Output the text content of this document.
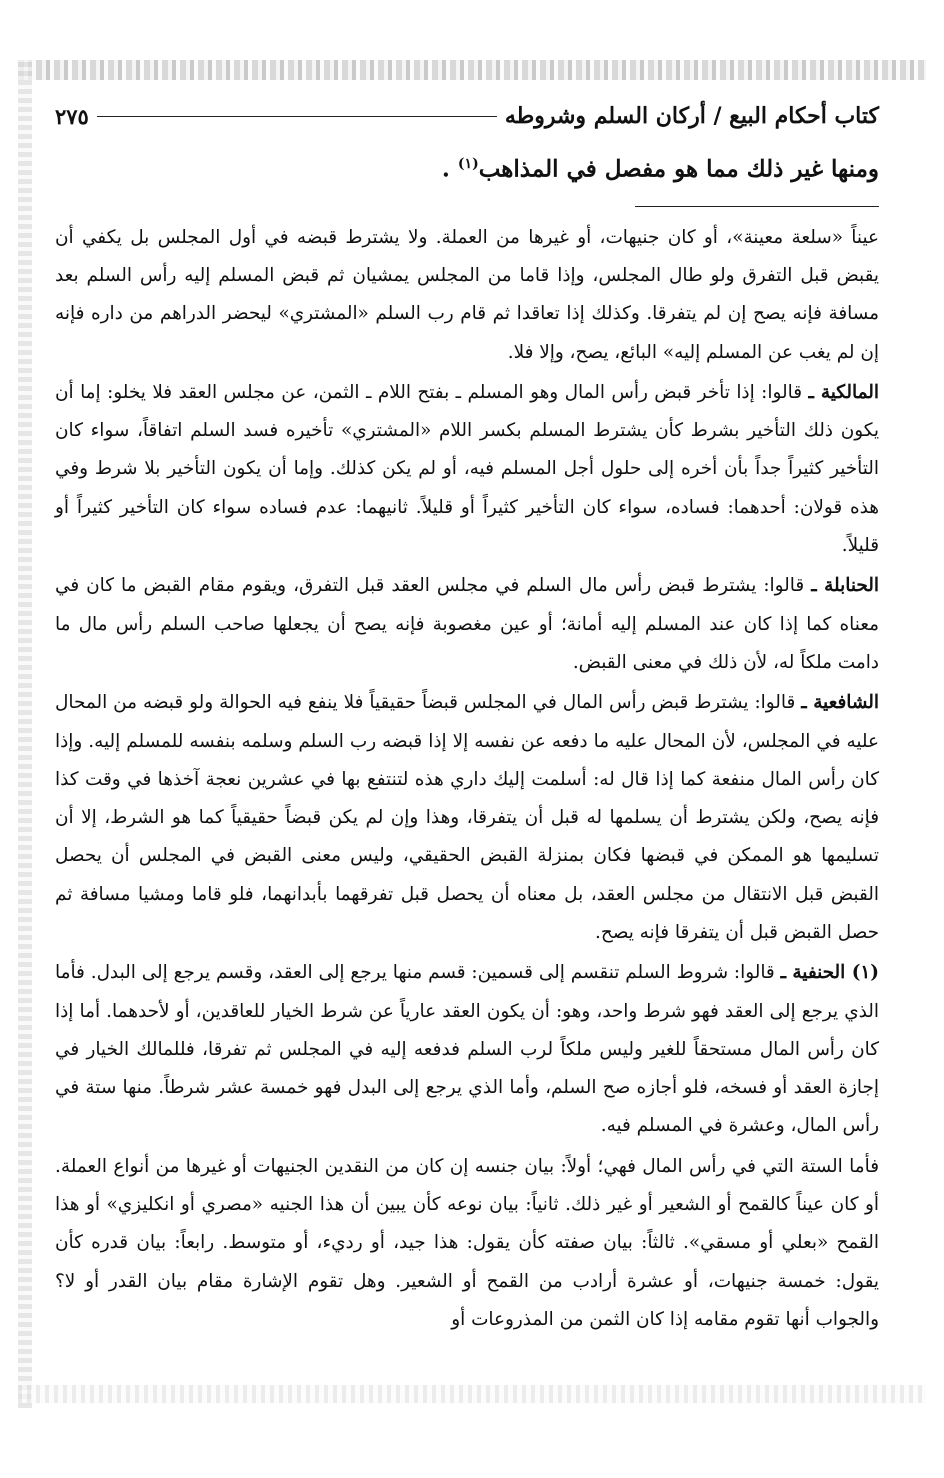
كتاب أحكام البيع / أركان السلم وشروطه
٢٧٥
ومنها غير ذلك مما هو مفصل في المذاهب$^{(١)}$ .

عيناً «سلعة معينة»، أو كان جنيهات، أو غيرها من العملة. ولا يشترط قبضه في أول المجلس بل يكفي أن يقبض قبل التفرق ولو طال المجلس، وإذا قاما من المجلس يمشيان ثم قبض المسلم إليه رأس السلم بعد مسافة فإنه يصح إن لم يتفرقا. وكذلك إذا تعاقدا ثم قام رب السلم «المشتري» ليحضر الدراهم من داره فإنه إن لم يغب عن المسلم إليه» البائع، يصح، وإلا فلا.

المالكية ـ قالوا: إذا تأخر قبض رأس المال وهو المسلم ـ بفتح اللام ـ الثمن، عن مجلس العقد فلا يخلو: إما أن يكون ذلك التأخير بشرط كأن يشترط المسلم بكسر اللام «المشتري» تأخيره فسد السلم اتفاقاً، سواء كان التأخير كثيراً جداً بأن أخره إلى حلول أجل المسلم فيه، أو لم يكن كذلك. وإما أن يكون التأخير بلا شرط وفي هذه قولان: أحدهما: فساده، سواء كان التأخير كثيراً أو قليلاً. ثانيهما: عدم فساده سواء كان التأخير كثيراً أو قليلاً.

الحنابلة ـ قالوا: يشترط قبض رأس مال السلم في مجلس العقد قبل التفرق، ويقوم مقام القبض ما كان في معناه كما إذا كان عند المسلم إليه أمانة؛ أو عين مغصوبة فإنه يصح أن يجعلها صاحب السلم رأس مال ما دامت ملكاً له، لأن ذلك في معنى القبض.

الشافعية ـ قالوا: يشترط قبض رأس المال في المجلس قبضاً حقيقياً فلا ينفع فيه الحوالة ولو قبضه من المحال عليه في المجلس، لأن المحال عليه ما دفعه عن نفسه إلا إذا قبضه رب السلم وسلمه بنفسه للمسلم إليه. وإذا كان رأس المال منفعة كما إذا قال له: أسلمت إليك داري هذه لتنتفع بها في عشرين نعجة آخذها في وقت كذا فإنه يصح، ولكن يشترط أن يسلمها له قبل أن يتفرقا، وهذا وإن لم يكن قبضاً حقيقياً كما هو الشرط، إلا أن تسليمها هو الممكن في قبضها فكان بمنزلة القبض الحقيقي، وليس معنى القبض في المجلس أن يحصل القبض قبل الانتقال من مجلس العقد، بل معناه أن يحصل قبل تفرقهما بأبدانهما، فلو قاما ومشيا مسافة ثم حصل القبض قبل أن يتفرقا فإنه يصح.

(١) الحنفية ـ قالوا: شروط السلم تنقسم إلى قسمين: قسم منها يرجع إلى العقد، وقسم يرجع إلى البدل. فأما الذي يرجع إلى العقد فهو شرط واحد، وهو: أن يكون العقد عارياً عن شرط الخيار للعاقدين، أو لأحدهما. أما إذا كان رأس المال مستحقاً للغير وليس ملكاً لرب السلم فدفعه إليه في المجلس ثم تفرقا، فللمالك الخيار في إجازة العقد أو فسخه، فلو أجازه صح السلم، وأما الذي يرجع إلى البدل فهو خمسة عشر شرطاً. منها ستة في رأس المال، وعشرة في المسلم فيه.

فأما الستة التي في رأس المال فهي؛ أولاً: بيان جنسه إن كان من النقدين الجنيهات أو غيرها من أنواع العملة. أو كان عيناً كالقمح أو الشعير أو غير ذلك. ثانياً: بيان نوعه كأن يبين أن هذا الجنيه «مصري أو انكليزي» أو هذا القمح «بعلي أو مسقي». ثالثاً: بيان صفته كأن يقول: هذا جيد، أو رديء، أو متوسط. رابعاً: بيان قدره كأن يقول: خمسة جنيهات، أو عشرة أرادب من القمح أو الشعير. وهل تقوم الإشارة مقام بيان القدر أو لا؟ والجواب أنها تقوم مقامه إذا كان الثمن من المذروعات أو
